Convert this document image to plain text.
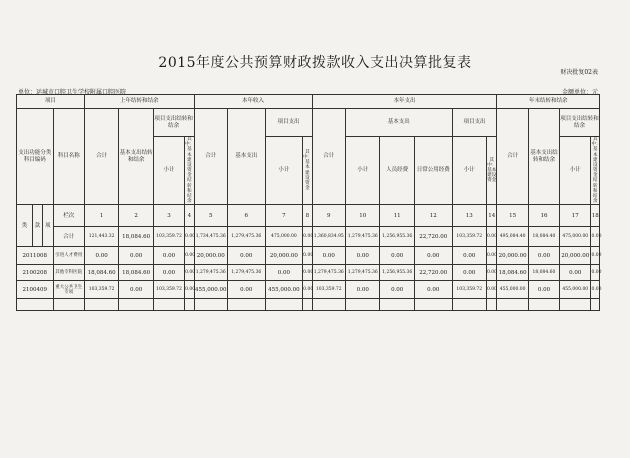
2015年度公共预算财政拨款收入支出决算批复表
财决批复02表
单位：运城市口腔卫生学校附属口腔医院	金额单位：元
项目				上年结转和结余				本年收入				本年支出						年末结转和结余			
支出功能分类科目编码			科目名称	合计	基本支出结转和结余	项目支出结转和结余		合计	基本支出	项目支出		合计	基本支出			项目支出		合计	基本支出结转和结余	项目支出结转和结余	
						小计	其中：基本建设资金结转和结余			小计	其中：基本建设资金		小计	人员经费	日常公用经费	小计	其中：基本建设资金			小计	其中：基本建设资金结转和结余
类	款	项	栏次	1	2	3	4	5	6	7	8	9	10	11	12	13	14	15	16	17	18
			合计	121,443.32	18,084.60	103,359.72	0.00	1,734,475.36	1,279,475.36	475,000.00	0.00	1,360,834.95	1,279,475.36	1,256,955.36	22,720.00	103,359.72	0.00	495,084.40	18,084.40	475,000.00	0.00
2011008			引进人才费用	0.00	0.00	0.00	0.00	20,000.00	0.00	20,000.00	0.00	0.00	0.00	0.00	0.00	0.00	0.00	20,000.00	0.00	20,000.00	0.00
2100208			其他专科医院	18,084.60	18,084.60	0.00	0.00	1,279,475.36	1,279,475.36	0.00	0.00	1,279,475.36	1,279,475.36	1,256,955.36	22,720.00	0.00	0.00	18,084.60	18,084.60	0.00	0.00
2100409			重大公共卫生专项	103,359.72	0.00	103,359.72	0.00	455,000.00	0.00	455,000.00	0.00	103,359.72	0.00	0.00	0.00	103,359.72	0.00	455,000.00	0.00	455,000.00	0.00
